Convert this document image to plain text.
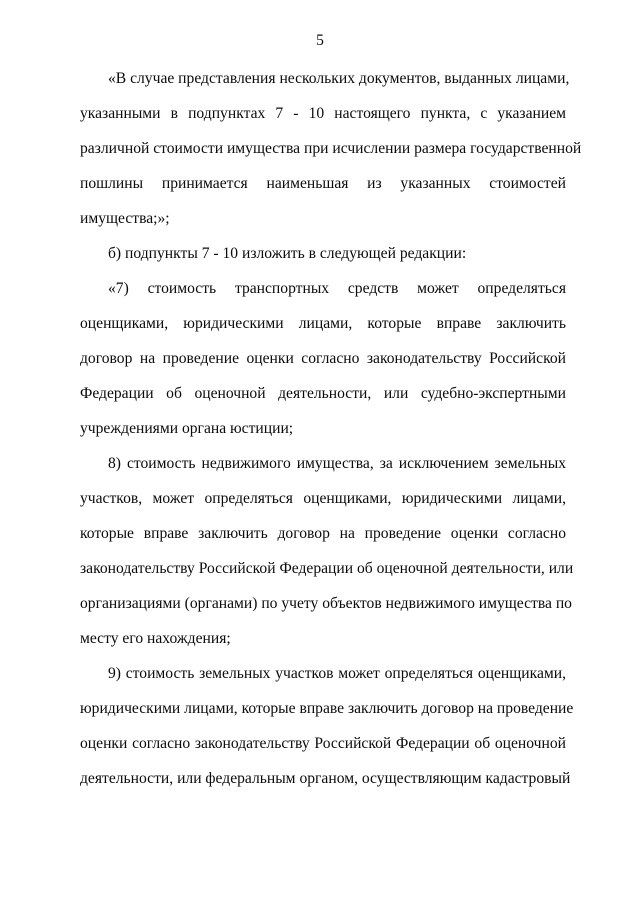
5
«В случае представления нескольких документов, выданных лицами,
указанными в подпунктах 7 - 10 настоящего пункта, с указанием
различной стоимости имущества при исчислении размера государственной
пошлины принимается наименьшая из указанных стоимостей
имущества;»;
б) подпункты 7 - 10 изложить в следующей редакции:
«7) стоимость транспортных средств может определяться
оценщиками, юридическими лицами, которые вправе заключить
договор на проведение оценки согласно законодательству Российской
Федерации об оценочной деятельности, или судебно-экспертными
учреждениями органа юстиции;
8) стоимость недвижимого имущества, за исключением земельных
участков, может определяться оценщиками, юридическими лицами,
которые вправе заключить договор на проведение оценки согласно
законодательству Российской Федерации об оценочной деятельности, или
организациями (органами) по учету объектов недвижимого имущества по
месту его нахождения;
9) стоимость земельных участков может определяться оценщиками,
юридическими лицами, которые вправе заключить договор на проведение
оценки согласно законодательству Российской Федерации об оценочной
деятельности, или федеральным органом, осуществляющим кадастровый
